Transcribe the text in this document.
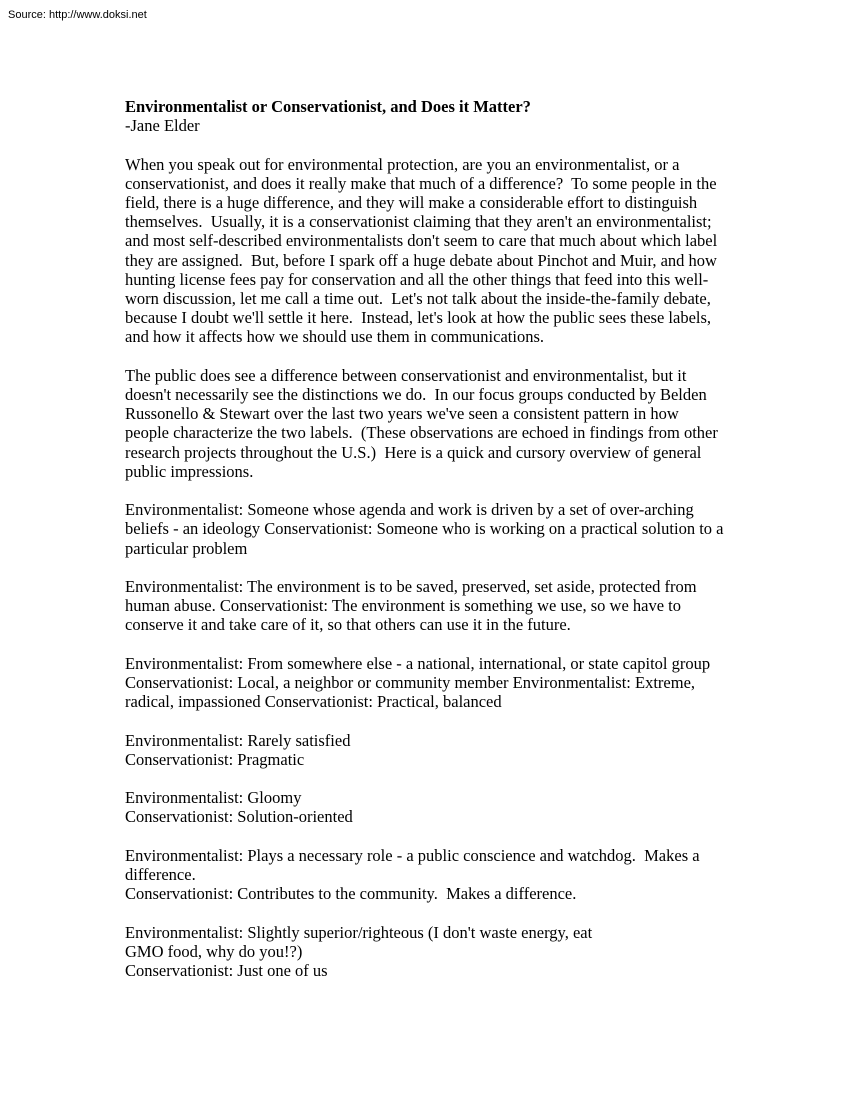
Source: http://www.doksi.net
Environmentalist or Conservationist, and Does it Matter?
-Jane Elder

When you speak out for environmental protection, are you an environmentalist, or a conservationist, and does it really make that much of a difference?  To some people in the field, there is a huge difference, and they will make a considerable effort to distinguish themselves.  Usually, it is a conservationist claiming that they aren't an environmentalist; and most self-described environmentalists don't seem to care that much about which label they are assigned.  But, before I spark off a huge debate about Pinchot and Muir, and how hunting license fees pay for conservation and all the other things that feed into this well-worn discussion, let me call a time out.  Let's not talk about the inside-the-family debate, because I doubt we'll settle it here.  Instead, let's look at how the public sees these labels, and how it affects how we should use them in communications.

The public does see a difference between conservationist and environmentalist, but it doesn't necessarily see the distinctions we do.  In our focus groups conducted by Belden Russonello & Stewart over the last two years we've seen a consistent pattern in how people characterize the two labels.  (These observations are echoed in findings from other research projects throughout the U.S.)  Here is a quick and cursory overview of general public impressions.

Environmentalist: Someone whose agenda and work is driven by a set of over-arching beliefs - an ideology Conservationist: Someone who is working on a practical solution to a particular problem

Environmentalist: The environment is to be saved, preserved, set aside, protected from human abuse. Conservationist: The environment is something we use, so we have to conserve it and take care of it, so that others can use it in the future.

Environmentalist: From somewhere else - a national, international, or state capitol group Conservationist: Local, a neighbor or community member Environmentalist: Extreme, radical, impassioned Conservationist: Practical, balanced

Environmentalist: Rarely satisfied
Conservationist: Pragmatic

Environmentalist: Gloomy
Conservationist: Solution-oriented

Environmentalist: Plays a necessary role - a public conscience and watchdog.  Makes a difference.
Conservationist: Contributes to the community.  Makes a difference.

Environmentalist: Slightly superior/righteous (I don't waste energy, eat
GMO food, why do you!?)
Conservationist: Just one of us
